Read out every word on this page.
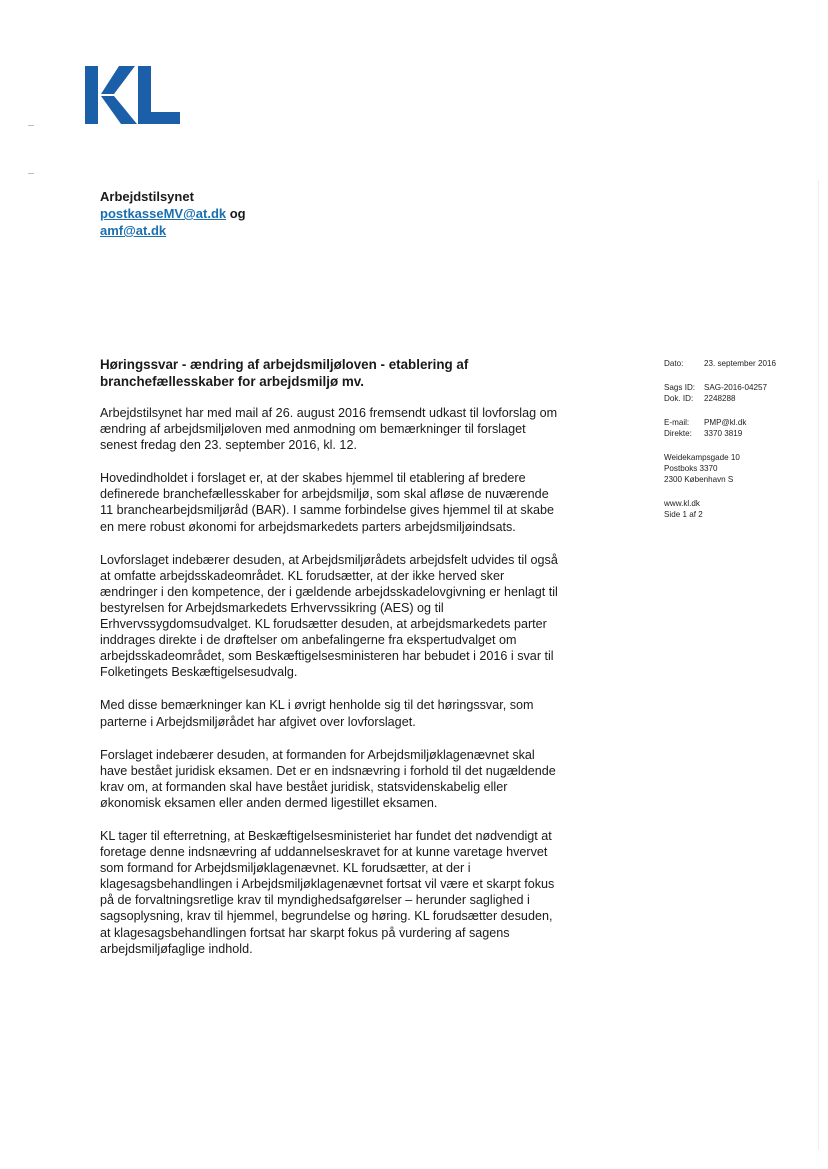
Arbejdstilsynet
postkasseMV@at.dk og
amf@at.dk
Høringssvar - ændring af arbejdsmiljøloven - etablering af branchefællesskaber for arbejdsmiljø mv.

Arbejdstilsynet har med mail af 26. august 2016 fremsendt udkast til lovforslag om ændring af arbejdsmiljøloven med anmodning om bemærkninger til forslaget senest fredag den 23. september 2016, kl. 12.

Hovedindholdet i forslaget er, at der skabes hjemmel til etablering af bredere definerede branchefællesskaber for arbejdsmiljø, som skal afløse de nuværende 11 branchearbejdsmiljøråd (BAR). I samme forbindelse gives hjemmel til at skabe en mere robust økonomi for arbejdsmarkedets parters arbejdsmiljøindsats.

Lovforslaget indebærer desuden, at Arbejdsmiljørådets arbejdsfelt udvides til også at omfatte arbejdsskadeområdet. KL forudsætter, at der ikke herved sker ændringer i den kompetence, der i gældende arbejdsskadelovgivning er henlagt til bestyrelsen for Arbejdsmarkedets Erhvervssikring (AES) og til Erhvervssygdomsudvalget. KL forudsætter desuden, at arbejdsmarkedets parter inddrages direkte i de drøftelser om anbefalingerne fra ekspertudvalget om arbejdsskadeområdet, som Beskæftigelsesministeren har bebudet i 2016 i svar til Folketingets Beskæftigelsesudvalg.

Med disse bemærkninger kan KL i øvrigt henholde sig til det høringssvar, som parterne i Arbejdsmiljørådet har afgivet over lovforslaget.

Forslaget indebærer desuden, at formanden for Arbejdsmiljøklagenævnet skal have bestået juridisk eksamen. Det er en indsnævring i forhold til det nugældende krav om, at formanden skal have bestået juridisk, statsvidenskabelig eller økonomisk eksamen eller anden dermed ligestillet eksamen.

KL tager til efterretning, at Beskæftigelsesministeriet har fundet det nødvendigt at foretage denne indsnævring af uddannelseskravet for at kunne varetage hvervet som formand for Arbejdsmiljøklagenævnet. KL forudsætter, at der i klagesagsbehandlingen i Arbejdsmiljøklagenævnet fortsat vil være et skarpt fokus på de forvaltningsretlige krav til myndighedsafgørelser – herunder saglighed i sagsoplysning, krav til hjemmel, begrundelse og høring. KL forudsætter desuden, at klagesagsbehandlingen fortsat har skarpt fokus på vurdering af sagens arbejdsmiljøfaglige indhold.

Dato:	23. september 2016
Sags ID: SAG-2016-04257
Dok. ID: 2248288
E-mail: PMP@kl.dk
Direkte: 3370 3819
Weidekampsgade 10
Postboks 3370
2300 København S
www.kl.dk
Side 1 af 2
